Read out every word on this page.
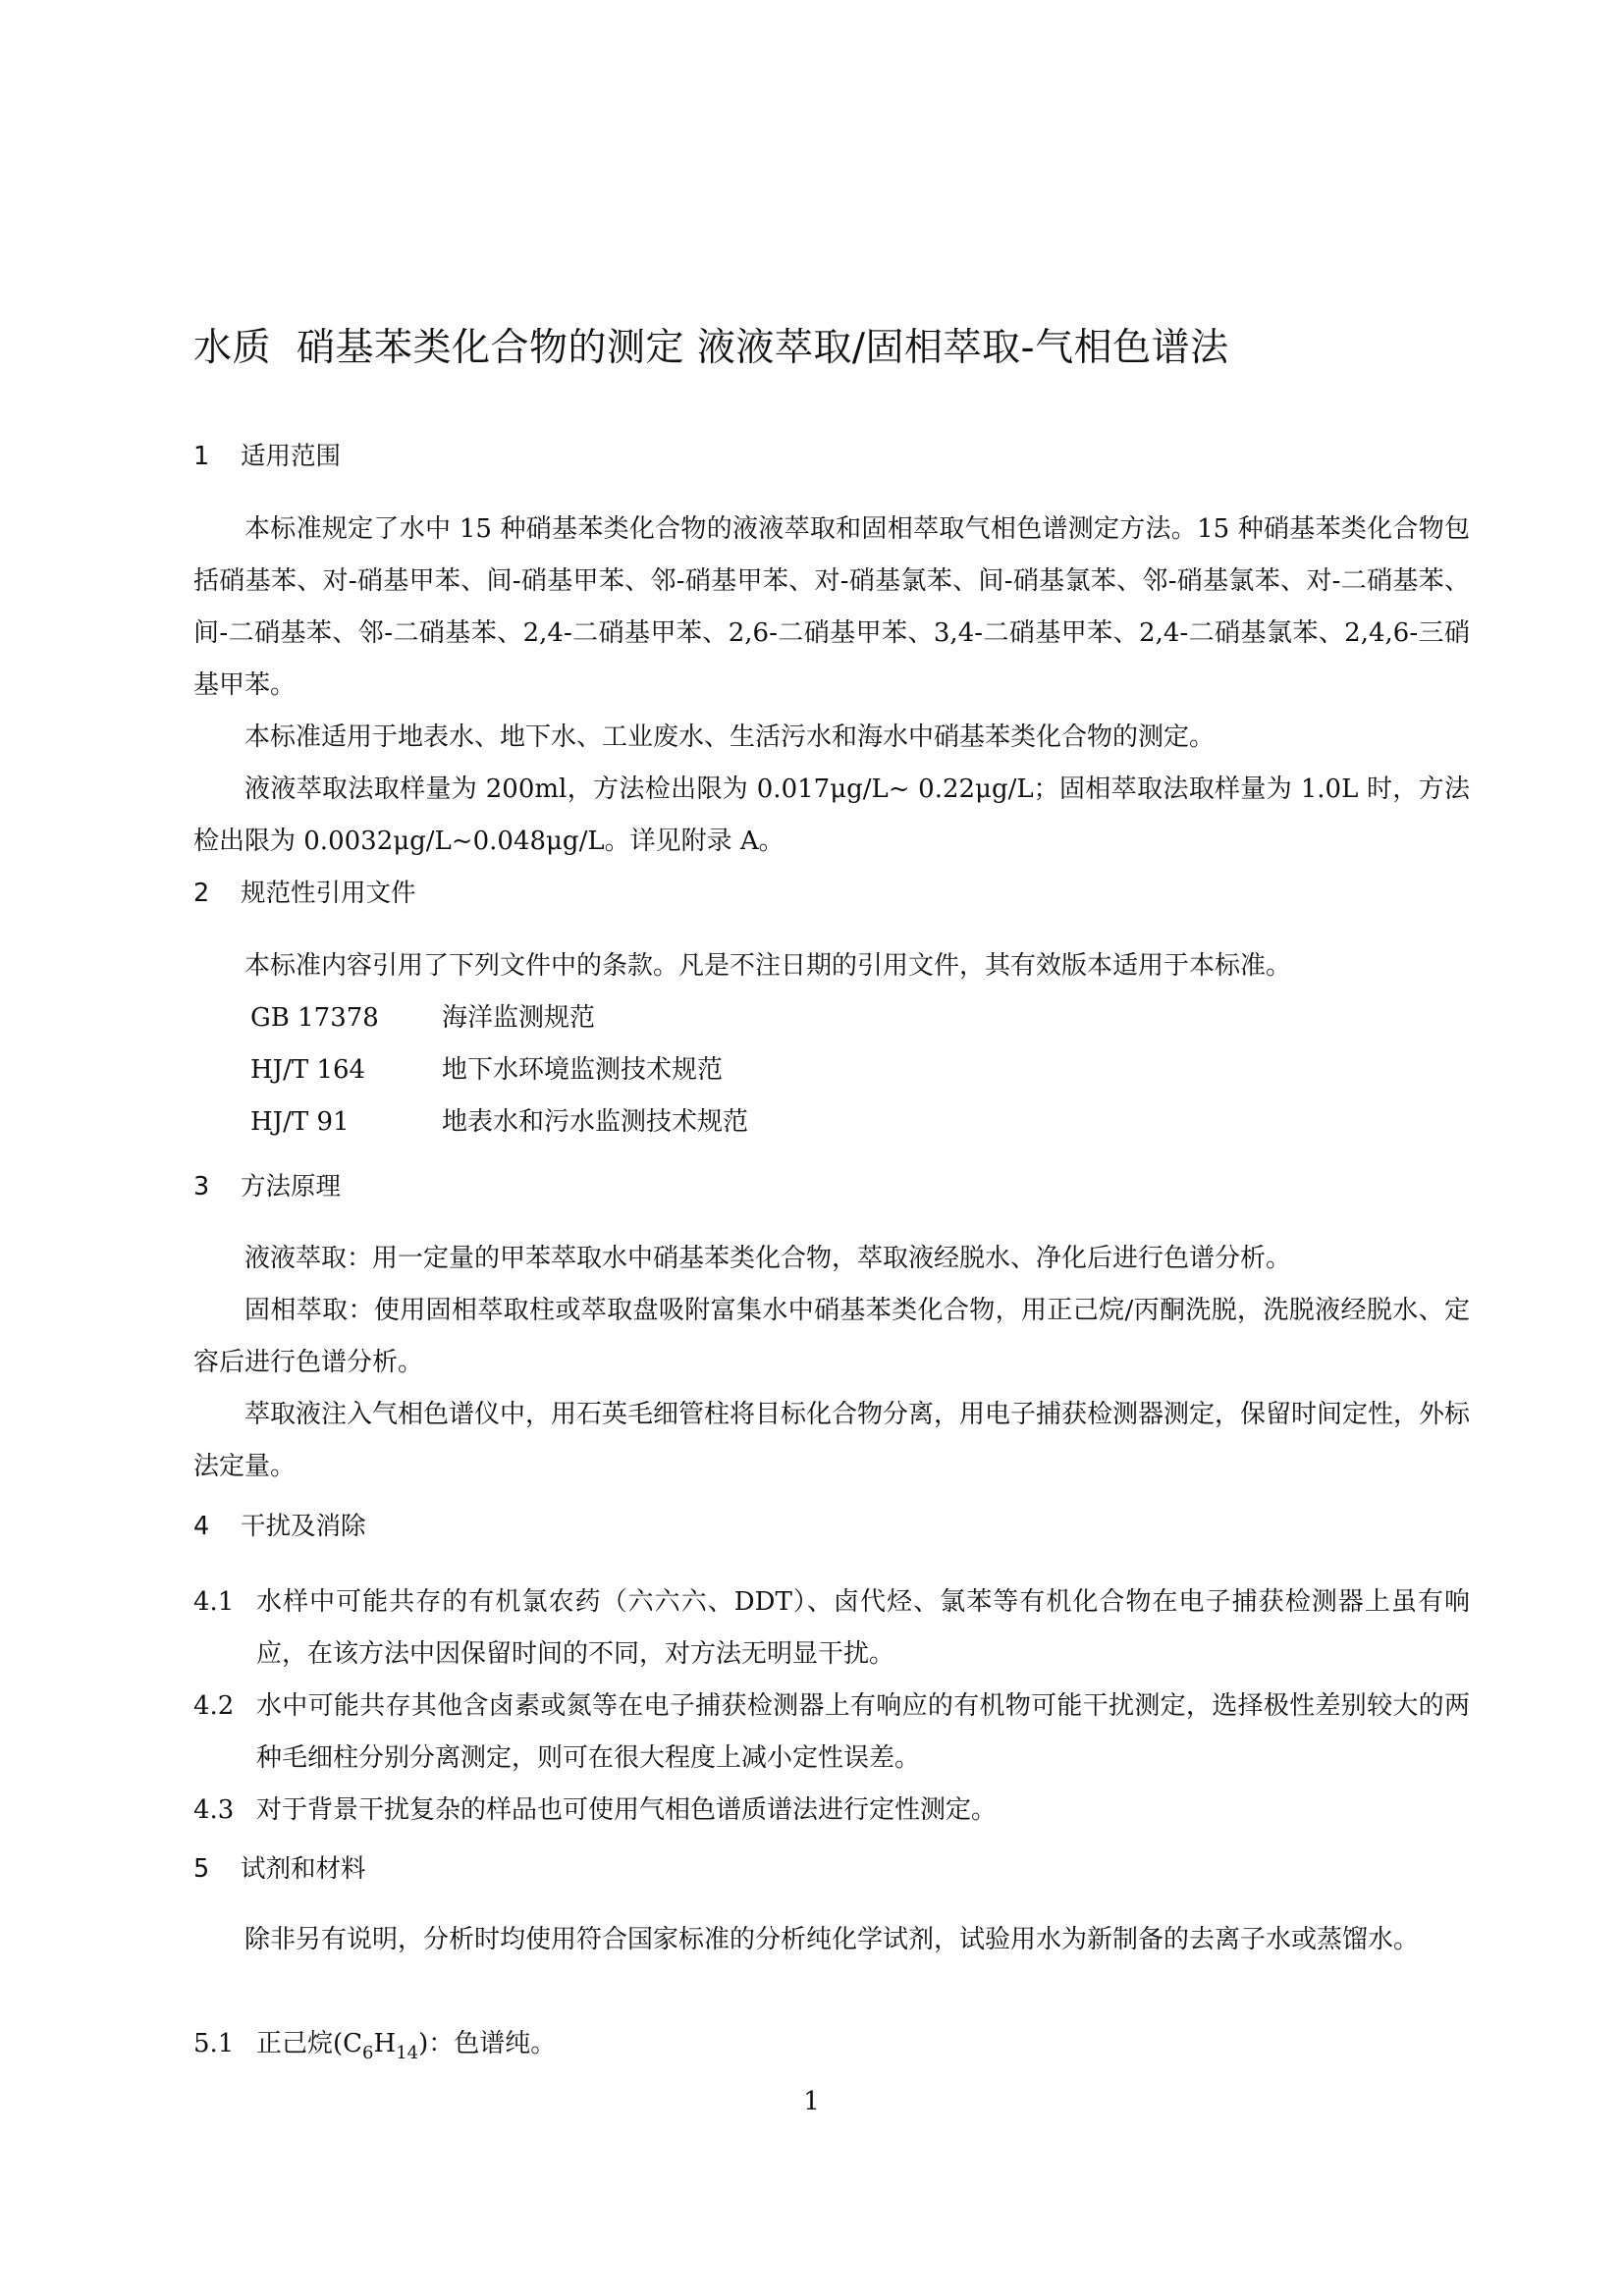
水质 硝基苯类化合物的测定 液液萃取/固相萃取-气相色谱法
1 适用范围
本标准规定了水中 15 种硝基苯类化合物的液液萃取和固相萃取气相色谱测定方法。15 种硝基苯类化合物包括硝基苯、对-硝基甲苯、间-硝基甲苯、邻-硝基甲苯、对-硝基氯苯、间-硝基氯苯、邻-硝基氯苯、对-二硝基苯、间-二硝基苯、邻-二硝基苯、2,4-二硝基甲苯、2,6-二硝基甲苯、3,4-二硝基甲苯、2,4-二硝基氯苯、2,4,6-三硝基甲苯。
本标准适用于地表水、地下水、工业废水、生活污水和海水中硝基苯类化合物的测定。
液液萃取法取样量为 200ml，方法检出限为 0.017μg/L~ 0.22μg/L；固相萃取法取样量为 1.0L 时，方法检出限为 0.0032μg/L~0.048μg/L。详见附录 A。
2 规范性引用文件
本标准内容引用了下列文件中的条款。凡是不注日期的引用文件，其有效版本适用于本标准。
GB 17378 海洋监测规范
HJ/T 164	地下水环境监测技术规范
HJ/T 91	地表水和污水监测技术规范
3 方法原理
液液萃取：用一定量的甲苯萃取水中硝基苯类化合物，萃取液经脱水、净化后进行色谱分析。
固相萃取：使用固相萃取柱或萃取盘吸附富集水中硝基苯类化合物，用正己烷/丙酮洗脱，洗脱液经脱水、定容后进行色谱分析。
萃取液注入气相色谱仪中，用石英毛细管柱将目标化合物分离，用电子捕获检测器测定，保留时间定性，外标法定量。
4 干扰及消除
4.1 水样中可能共存的有机氯农药（六六六、DDT）、卤代烃、氯苯等有机化合物在电子捕获检测器上虽有响应，在该方法中因保留时间的不同，对方法无明显干扰。
4.2 水中可能共存其他含卤素或氮等在电子捕获检测器上有响应的有机物可能干扰测定，选择极性差别较大的两种毛细柱分别分离测定，则可在很大程度上减小定性误差。
4.3 对于背景干扰复杂的样品也可使用气相色谱质谱法进行定性测定。
5 试剂和材料
除非另有说明，分析时均使用符合国家标准的分析纯化学试剂，试验用水为新制备的去离子水或蒸馏水。
5.1 正己烷$(C_6H_{14})$：色谱纯。
1
